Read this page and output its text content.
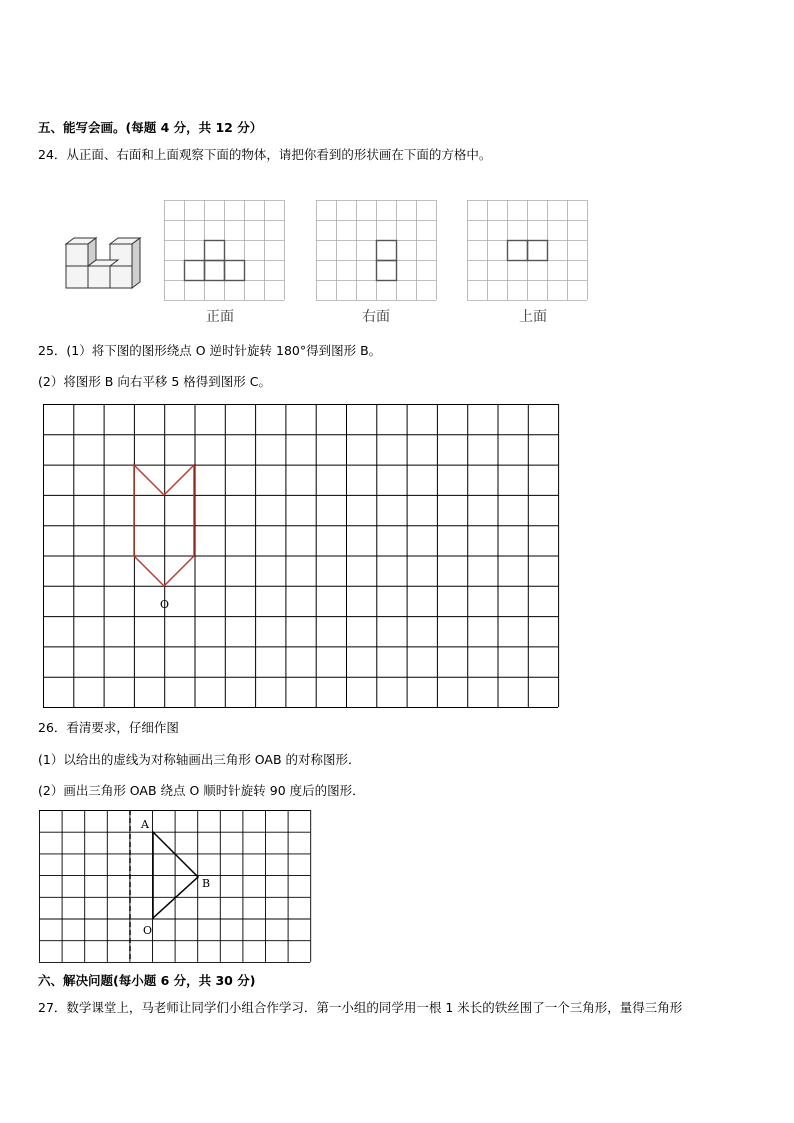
五、能写会画。(每题 4 分，共 12 分）
24．从正面、右面和上面观察下面的物体，请把你看到的形状画在下面的方格中。
正面	右面	上面
25．(1）将下图的图形绕点 O 逆时针旋转 180°得到图形 B。
(2）将图形 B 向右平移 5 格得到图形 C。
O
26．看清要求，仔细作图
(1）以给出的虚线为对称轴画出三角形 OAB 的对称图形．
(2）画出三角形 OAB 绕点 O 顺时针旋转 90 度后的图形．
A
B
O
六、解决问题(每小题 6 分，共 30 分)
27．数学课堂上，马老师让同学们小组合作学习．第一小组的同学用一根 1 米长的铁丝围了一个三角形，量得三角形
